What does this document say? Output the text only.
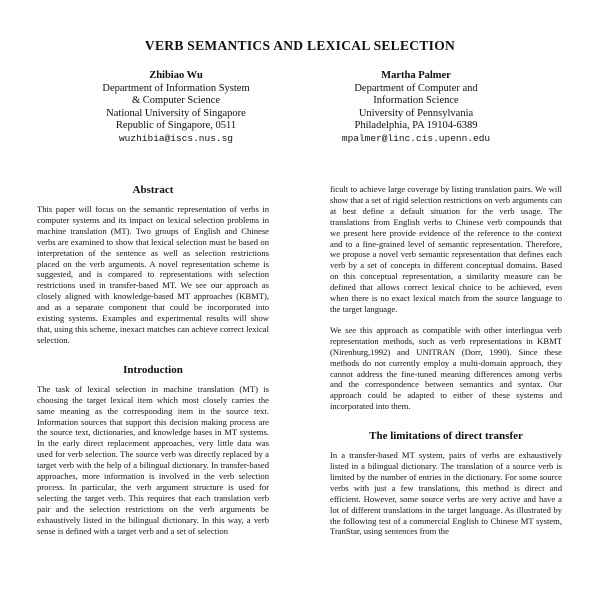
VERB SEMANTICS AND LEXICAL SELECTION
Zhibiao Wu
Department of Information System
& Computer Science
National University of Singapore
Republic of Singapore, 0511
wuzhibia@iscs.nus.sg
Martha Palmer
Department of Computer and
Information Science
University of Pennsylvania
Philadelphia, PA 19104-6389
mpalmer@linc.cis.upenn.edu
Abstract

This paper will focus on the semantic representation of verbs in computer systems and its impact on lexical selection problems in machine translation (MT). Two groups of English and Chinese verbs are examined to show that lexical selection must be based on interpretation of the sentence as well as selection restrictions placed on the verb arguments. A novel representation scheme is suggested, and is compared to representations with selection restrictions used in transfer-based MT. We see our approach as closely aligned with knowledge-based MT approaches (KBMT), and as a separate component that could be incorporated into existing systems. Examples and experimental results will show that, using this scheme, inexact matches can achieve correct lexical selection.

Introduction

The task of lexical selection in machine translation (MT) is choosing the target lexical item which most closely carries the same meaning as the corresponding item in the source text. Information sources that support this decision making process are the source text, dictionaries, and knowledge bases in MT systems. In the early direct replacement approaches, very little data was used for verb selection. The source verb was directly replaced by a target verb with the help of a bilingual dictionary. In transfer-based approaches, more information is involved in the verb selection process. In particular, the verb argument structure is used for selecting the target verb. This requires that each translation verb pair and the selection restrictions on the verb arguments be exhaustively listed in the bilingual dictionary. In this way, a verb sense is defined with a target verb and a set of selection

ficult to achieve large coverage by listing translation pairs. We will show that a set of rigid selection restrictions on verb arguments can at best define a default situation for the verb usage. The translations from English verbs to Chinese verb compounds that we present here provide evidence of the reference to the context and to a fine-grained level of semantic representation. Therefore, we propose a novel verb semantic representation that defines each verb by a set of concepts in different conceptual domains. Based on this conceptual representation, a similarity measure can be defined that allows correct lexical choice to be achieved, even when there is no exact lexical match from the source language to the target language.

We see this approach as compatible with other interlingua verb representation methods, such as verb representations in KBMT (Nirenburg,1992) and UNITRAN (Dorr, 1990). Since these methods do not currently employ a multi-domain approach, they cannot address the fine-tuned meaning differences among verbs and the correspondence between semantics and syntax. Our approach could be adapted to either of these systems and incorporated into them.

The limitations of direct transfer

In a transfer-based MT system, pairs of verbs are exhaustively listed in a bilingual dictionary. The translation of a source verb is limited by the number of entries in the dictionary. For some source verbs with just a few translations, this method is direct and efficient. However, some source verbs are very active and have a lot of different translations in the target language. As illustrated by the following test of a commercial English to Chinese MT system, TranStar, using sentences from the
